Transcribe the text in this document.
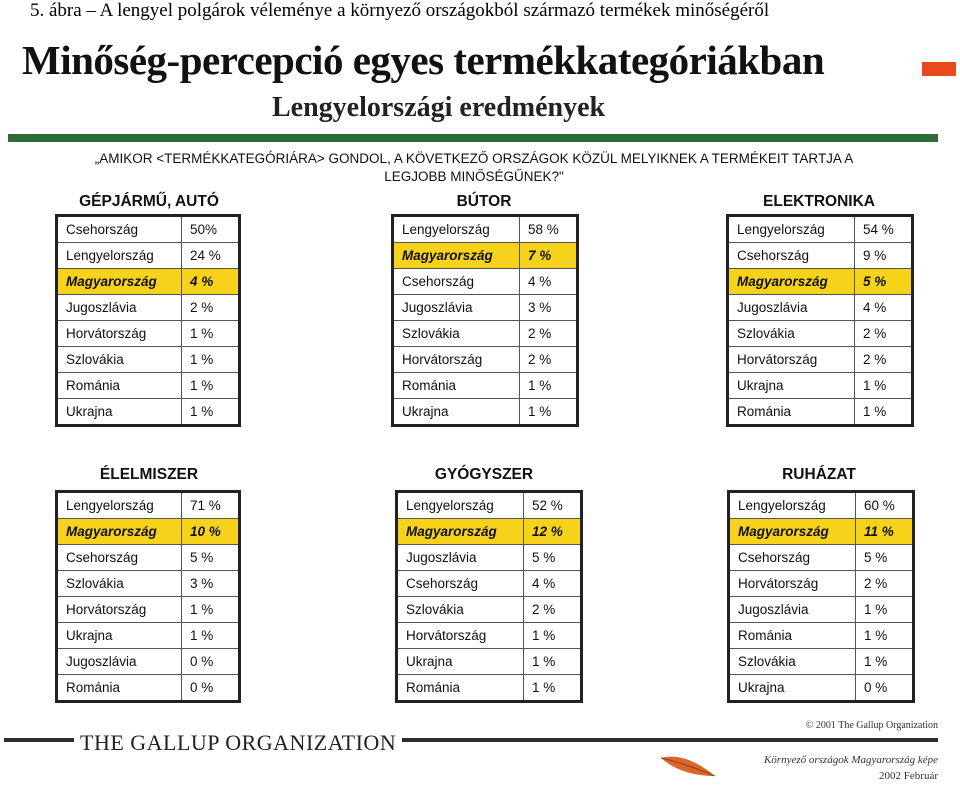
5. ábra – A lengyel polgárok véleménye a környező országokból származó termékek minőségéről
Minőség-percepció egyes termékkategóriákban
Lengyelországi eredmények
„AMIKOR <TERMÉKKATEGÓRIÁRA> GONDOL, A KÖVETKEZŐ ORSZÁGOK KÖZÜL MELYIKNEK A TERMÉKEIT TARTJA A
LEGJOBB MINŐSÉGŰNEK?"
GÉPJÁRMŰ, AUTÓ
Csehország	50%
Lengyelország	24 %
Magyarország	4 %
Jugoszlávia	2 %
Horvátország	1 %
Szlovákia	1 %
Románia	1 %
Ukrajna	1 %
BÚTOR
Lengyelország	58 %
Magyarország	7 %
Csehország	4 %
Jugoszlávia	3 %
Szlovákia	2 %
Horvátország	2 %
Románia	1 %
Ukrajna	1 %
ELEKTRONIKA
Lengyelország	54 %
Csehország	9 %
Magyarország	5 %
Jugoszlávia	4 %
Szlovákia	2 %
Horvátország	2 %
Ukrajna	1 %
Románia	1 %
ÉLELMISZER
Lengyelország	71 %
Magyarország	10 %
Csehország	5 %
Szlovákia	3 %
Horvátország	1 %
Ukrajna	1 %
Jugoszlávia	0 %
Románia	0 %
GYÓGYSZER
Lengyelország	52 %
Magyarország	12 %
Jugoszlávia	5 %
Csehország	4 %
Szlovákia	2 %
Horvátország	1 %
Ukrajna	1 %
Románia	1 %
RUHÁZAT
Lengyelország	60 %
Magyarország	11 %
Csehország	5 %
Horvátország	2 %
Jugoszlávia	1 %
Románia	1 %
Szlovákia	1 %
Ukrajna	0 %
© 2001 The Gallup Organization
THE GALLUP ORGANIZATION
Környező országok Magyarország képe
2002 Február
